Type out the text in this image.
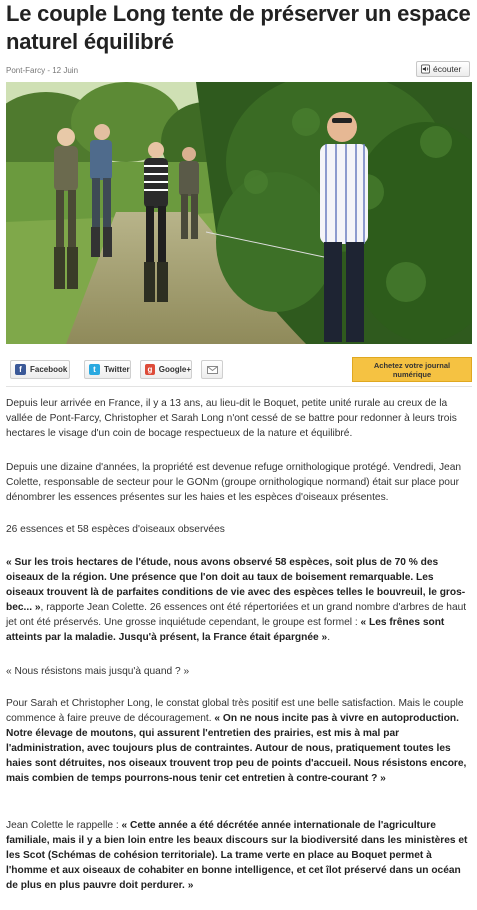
Le couple Long tente de préserver un espace naturel équilibré
Pont-Farcy - 12 Juin	écouter
f	Facebook	t	Twitter	g Google+	Achetez votre journal
numérique

Depuis leur arrivée en France, il y a 13 ans, au lieu-dit le Boquet, petite unité rurale au creux de la vallée de Pont-Farcy, Christopher et Sarah Long n'ont cessé de se battre pour redonner à leurs trois hectares le visage d'un coin de bocage respectueux de la nature et équilibré.

Depuis une dizaine d'années, la propriété est devenue refuge ornithologique protégé. Vendredi, Jean Colette, responsable de secteur pour le GONm (groupe ornithologique normand) était sur place pour dénombrer les essences présentes sur les haies et les espèces d'oiseaux présentes.

26 essences et 58 espèces d'oiseaux observées

« Sur les trois hectares de l'étude, nous avons observé 58 espèces, soit plus de 70 % des oiseaux de la région. Une présence que l'on doit au taux de boisement remarquable. Les oiseaux trouvent là de parfaites conditions de vie avec des espèces telles le bouvreuil, le gros-bec... », rapporte Jean Colette. 26 essences ont été répertoriées et un grand nombre d'arbres de haut jet ont été préservés. Une grosse inquiétude cependant, le groupe est formel : « Les frênes sont atteints par la maladie. Jusqu'à présent, la France était épargnée ».

« Nous résistons mais jusqu'à quand ? »

Pour Sarah et Christopher Long, le constat global très positif est une belle satisfaction. Mais le couple commence à faire preuve de découragement. « On ne nous incite pas à vivre en autoproduction. Notre élevage de moutons, qui assurent l'entretien des prairies, est mis à mal par l'administration, avec toujours plus de contraintes. Autour de nous, pratiquement toutes les haies sont détruites, nos oiseaux trouvent trop peu de points d'accueil. Nous résistons encore, mais combien de temps pourrons-nous tenir cet entretien à contre-courant ? »

Jean Colette le rappelle : « Cette année a été décrétée année internationale de l'agriculture familiale, mais il y a bien loin entre les beaux discours sur la biodiversité dans les ministères et les Scot (Schémas de cohésion territoriale). La trame verte en place au Boquet permet à l'homme et aux oiseaux de cohabiter en bonne intelligence, et cet îlot préservé dans un océan de plus en plus pauvre doit perdurer. »
